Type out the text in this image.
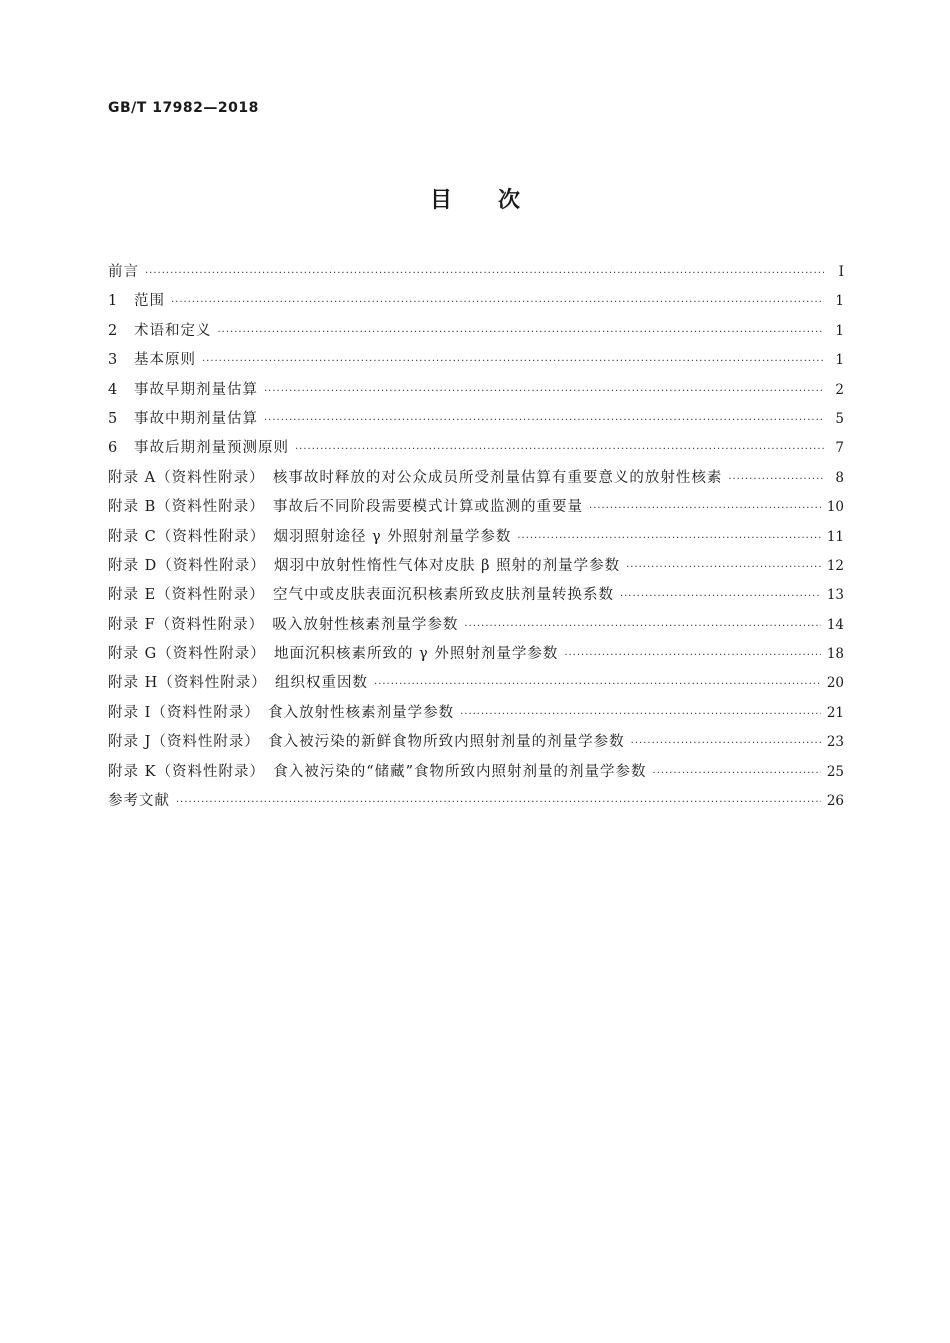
GB/T 17982—2018
目次
前言 ·····	Ⅰ
1	范围 ·····	1
2	术语和定义 ·····	1
3	基本原则 ·····	1
4	事故早期剂量估算 ·····	2
5	事故中期剂量估算 ·····	5
6	事故后期剂量预测原则 ·····	7
附录 A（资料性附录）　核事故时释放的对公众成员所受剂量估算有重要意义的放射性核素 ·····	8
附录 B（资料性附录）　事故后不同阶段需要模式计算或监测的重要量 ·····	10
附录 C（资料性附录）　烟羽照射途径 γ 外照射剂量学参数 ·····	11
附录 D（资料性附录）　烟羽中放射性惰性气体对皮肤 β 照射的剂量学参数 ·····	12
附录 E（资料性附录）　空气中或皮肤表面沉积核素所致皮肤剂量转换系数 ·····	13
附录 F（资料性附录）　吸入放射性核素剂量学参数 ·····	14
附录 G（资料性附录）　地面沉积核素所致的 γ 外照射剂量学参数 ·····	18
附录 H（资料性附录）　组织权重因数 ·····	20
附录 I（资料性附录）　食入放射性核素剂量学参数 ·····	21
附录 J（资料性附录）　食入被污染的新鲜食物所致内照射剂量的剂量学参数 ·····	23
附录 K（资料性附录）　食入被污染的“储藏”食物所致内照射剂量的剂量学参数 ·····	25
参考文献 ·····	26
